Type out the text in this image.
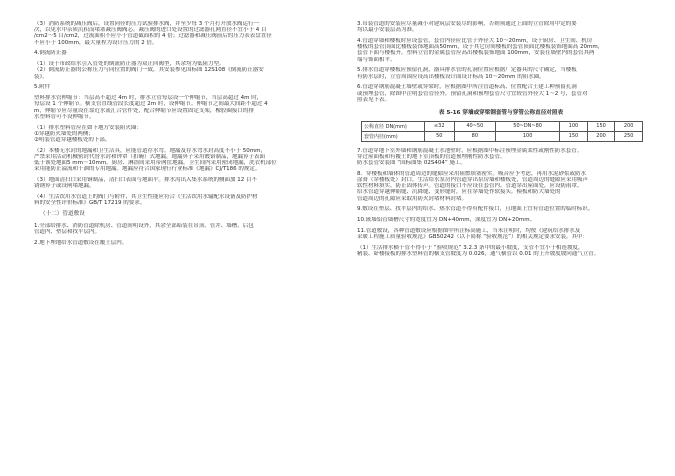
（3）消防系统的减压阀后，设置同径的压力试验排水阀，并至少每 3 个月打开放水阀运行一

次，以免水中杂质沉积而堵塞减压阀阀芯。减压阀的进口处设置的过滤器孔网直径不宜小于 4 目

/cm2～5 目/cm2，过流面积不应小于管道截面积的 4 倍；过滤器和减压阀前后的压力表表盘直径

不应小于 100mm，最大量程为设计压力的 2 倍。

4.倒流防止器

（1）设于市政给水引入管处的倒流防止器为双止回阀型，其余均为低阻力型。

（2）倒流防止器的公称压力与同位置的阀门一致，其安装参见国标图 12S108《倒流防止器安

装》。

5.附件

塑料排水管伸缩节：当层高不超过 4m 时，排水立管每层设一个伸缩节，当层高超过 4m 时，

每层设 1 个伸缩节。横支管直线管段长度超过 2m 时，设伸缩节。伸缩节之间最大间距不超过 4

m，伸缩节应尽量设在靠近水流汇合管件处，配合伸缩节应设置固定支架，橡胶圈接口的排

水塑料管可不设伸缩节。

（1）排水塑料管应在如下地方安装阻火圈：

①穿越防火墙处的两侧；

②明装管道穿越楼板处的下部。

（2）本楼无水封的地漏和卫生洁具，应能管道存水弯。地漏及存水弯水封高度不小于 50mm，

严禁采用活动机械密封代替水封和钟罩（扣碗）式地漏。地漏箅子采用镀铬制品，地漏箅子表面

低于该处地面5 mm～10mm。厨房、淋浴间采用带网筐地漏。卫生间内采用密闭地漏，洗衣机部位

采用能防止溢流和干涸的专用地漏。地漏应符合国家现行行业标准《地漏》CJ/T186 的规定。

（3）地面清扫口采用铜制品，清扫口表面与地面平。排水沟出入集水系统的侧面加 12 目不

锈钢箅子或设闸堵地漏。

（4）生活饮用水管道上的阀门与附件，其卫生性能应符合《生活饮用水输配水设备及防护材

料的安全性评价标准》GB/T 17219 的要求。

（十二）管道敷设

1.全部给排水、消防管道除机房、管道间明设外，其余全部暗装在吊顶、管井、墙槽、后包

管道内、垫层和找平层内。

2.地下埋地给水管道敷设在覆土层内。

3.吊装管道的安装应尽量减小对建筑层安装尽的影响，否则须通过上面的立管除用中定的要

均以最小安装层高为准。

4.管道穿墙和楼板时应设套管，套管内径应比管子外径大 10～20mm，设于厨房、卫生间、机房

楼板的套管顶面比楼板装饰地面高50mm，设于其它房间楼板的套管顶面比楼板装饰地面高 20mm，

套管下面与楼板齐。塑料立管的金属套管应高出楼板装饰地面 100mm，安装在墙壁内的套管其两

端与饰面相平。

5.排水管道穿楼板应预留孔洞，器具排水管的孔洞位置应根据厂定器具的尺寸确定，当楼板

有防水层时，立管周围应设高出楼板设计面设计标高 10～20mm 的阻水圈。

6.管道穿钢筋混凝土墙壁或穿梁时，应根据图中所注管道标高、位置配合土建工种预留孔洞

或预埋套管，除图中注明套管管径外，预留孔洞和预埋套管尺寸宜较管外径大 1～2 号，套管对

照表见下表。

表 5-16 穿墙或穿梁钢套管与穿管公称直径对照表

公称直径 DN(mm)	≤32	40~50	50~DN~80	100	150	200
套管内径(mm)	50	80	100	150	200	250

7.管道穿地下室外墙和钢筋混凝土水池壁时，应根据图中标注预埋金属柔性或刚性防水套管。

穿过屋面板和有覆土的地下室顶板的管道预埋刚性防水套管。

防水套管安装图 “国标图集 02S404” 施工。

8．穿楼板和墙体的管道周边的缝隙应采用阻燃填塞密实。吸音应予考虑，再用水泥砂浆或防水

涂膏（穿楼板处）封口，生活给水泵房内管道穿出泵房墙和楼板处，管道周边的缝隙应采用吸声

软性材料填实。防止固体传声。管道的接口不应设在套管内。管道穿出屋面处，应设防雨罩。

给水管道穿越伸缩缝、沉降缝、变形缝时，应在穿墙处作软接头。模板和防大墙处的

管道周边的孔隙应采取用防火封堵材料封堵。

9.敷设在垫层、找平层内的给水、热水管道不得有配件接口，且地面上宜有管道位置的临时标识。

10.嵌墙铝管墙槽尺寸的宽度宜为 DN+40mm，深度宜为 DN+20mm。

11.管道敷设，各种管道敷设应根据图中所注标高施工，当未注明时，均按《建筑给水排水及

采暖工程施工质量验收规范》GB50242（以下简称 “验收规范”）的相关规定要求安装，其中：

（1）生活排水横干管不得小于 “验收规范” 3.2.3 条中的最小坡度，支管不宜小于相连坡度，

精装、卧楼接板的排水塑料管的横支管坡度为 0.026，通气横管以 0.01 的上升坡度坡向通气立管。
